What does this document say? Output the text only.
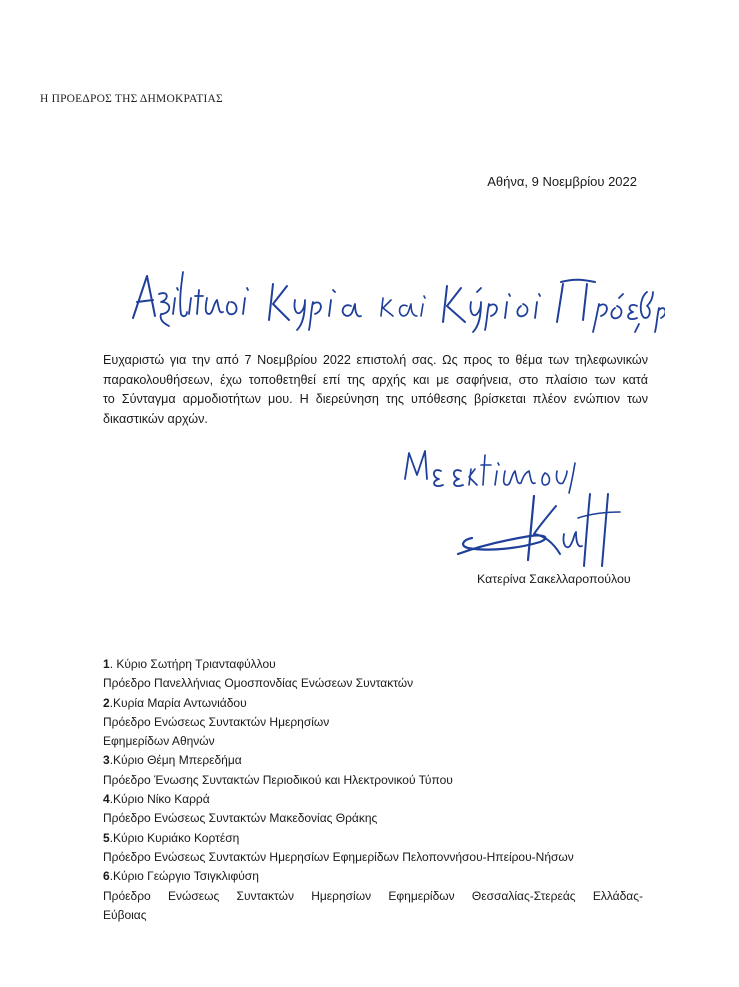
Η ΠΡΟΕΔΡΟΣ ΤΗΣ ΔΗΜΟΚΡΑΤΙΑΣ
Αθήνα, 9 Νοεμβρίου 2022
Ευχαριστώ για την από 7 Νοεμβρίου 2022 επιστολή σας. Ως προς το θέμα των τηλεφωνικών
παρακολουθήσεων, έχω τοποθετηθεί επί της αρχής και με σαφήνεια, στο πλαίσιο των κατά
το Σύνταγμα αρμοδιοτήτων μου. Η διερεύνηση της υπόθεσης βρίσκεται πλέον ενώπιον των
δικαστικών αρχών.
Κατερίνα Σακελλαροπούλου
1. Κύριο Σωτήρη Τριανταφύλλου
Πρόεδρο Πανελλήνιας Ομοσπονδίας Ενώσεων Συντακτών
2.Κυρία Μαρία Αντωνιάδου
Πρόεδρο Ενώσεως Συντακτών Ημερησίων
Εφημερίδων Αθηνών
3.Κύριο Θέμη Μπερεδήμα
Πρόεδρο Ένωσης Συντακτών Περιοδικού και Ηλεκτρονικού Τύπου
4.Κύριο Νίκο Καρρά
Πρόεδρο Ενώσεως Συντακτών Μακεδονίας Θράκης
5.Κύριο Κυριάκο Κορτέση
Πρόεδρο Ενώσεως Συντακτών Ημερησίων Εφημερίδων Πελοποννήσου-Ηπείρου-Νήσων
6.Κύριο Γεώργιο Τσιγκλιφύση
Πρόεδρο Ενώσεως Συντακτών Ημερησίων Εφημερίδων Θεσσαλίας-Στερεάς Ελλάδας-
Εύβοιας
